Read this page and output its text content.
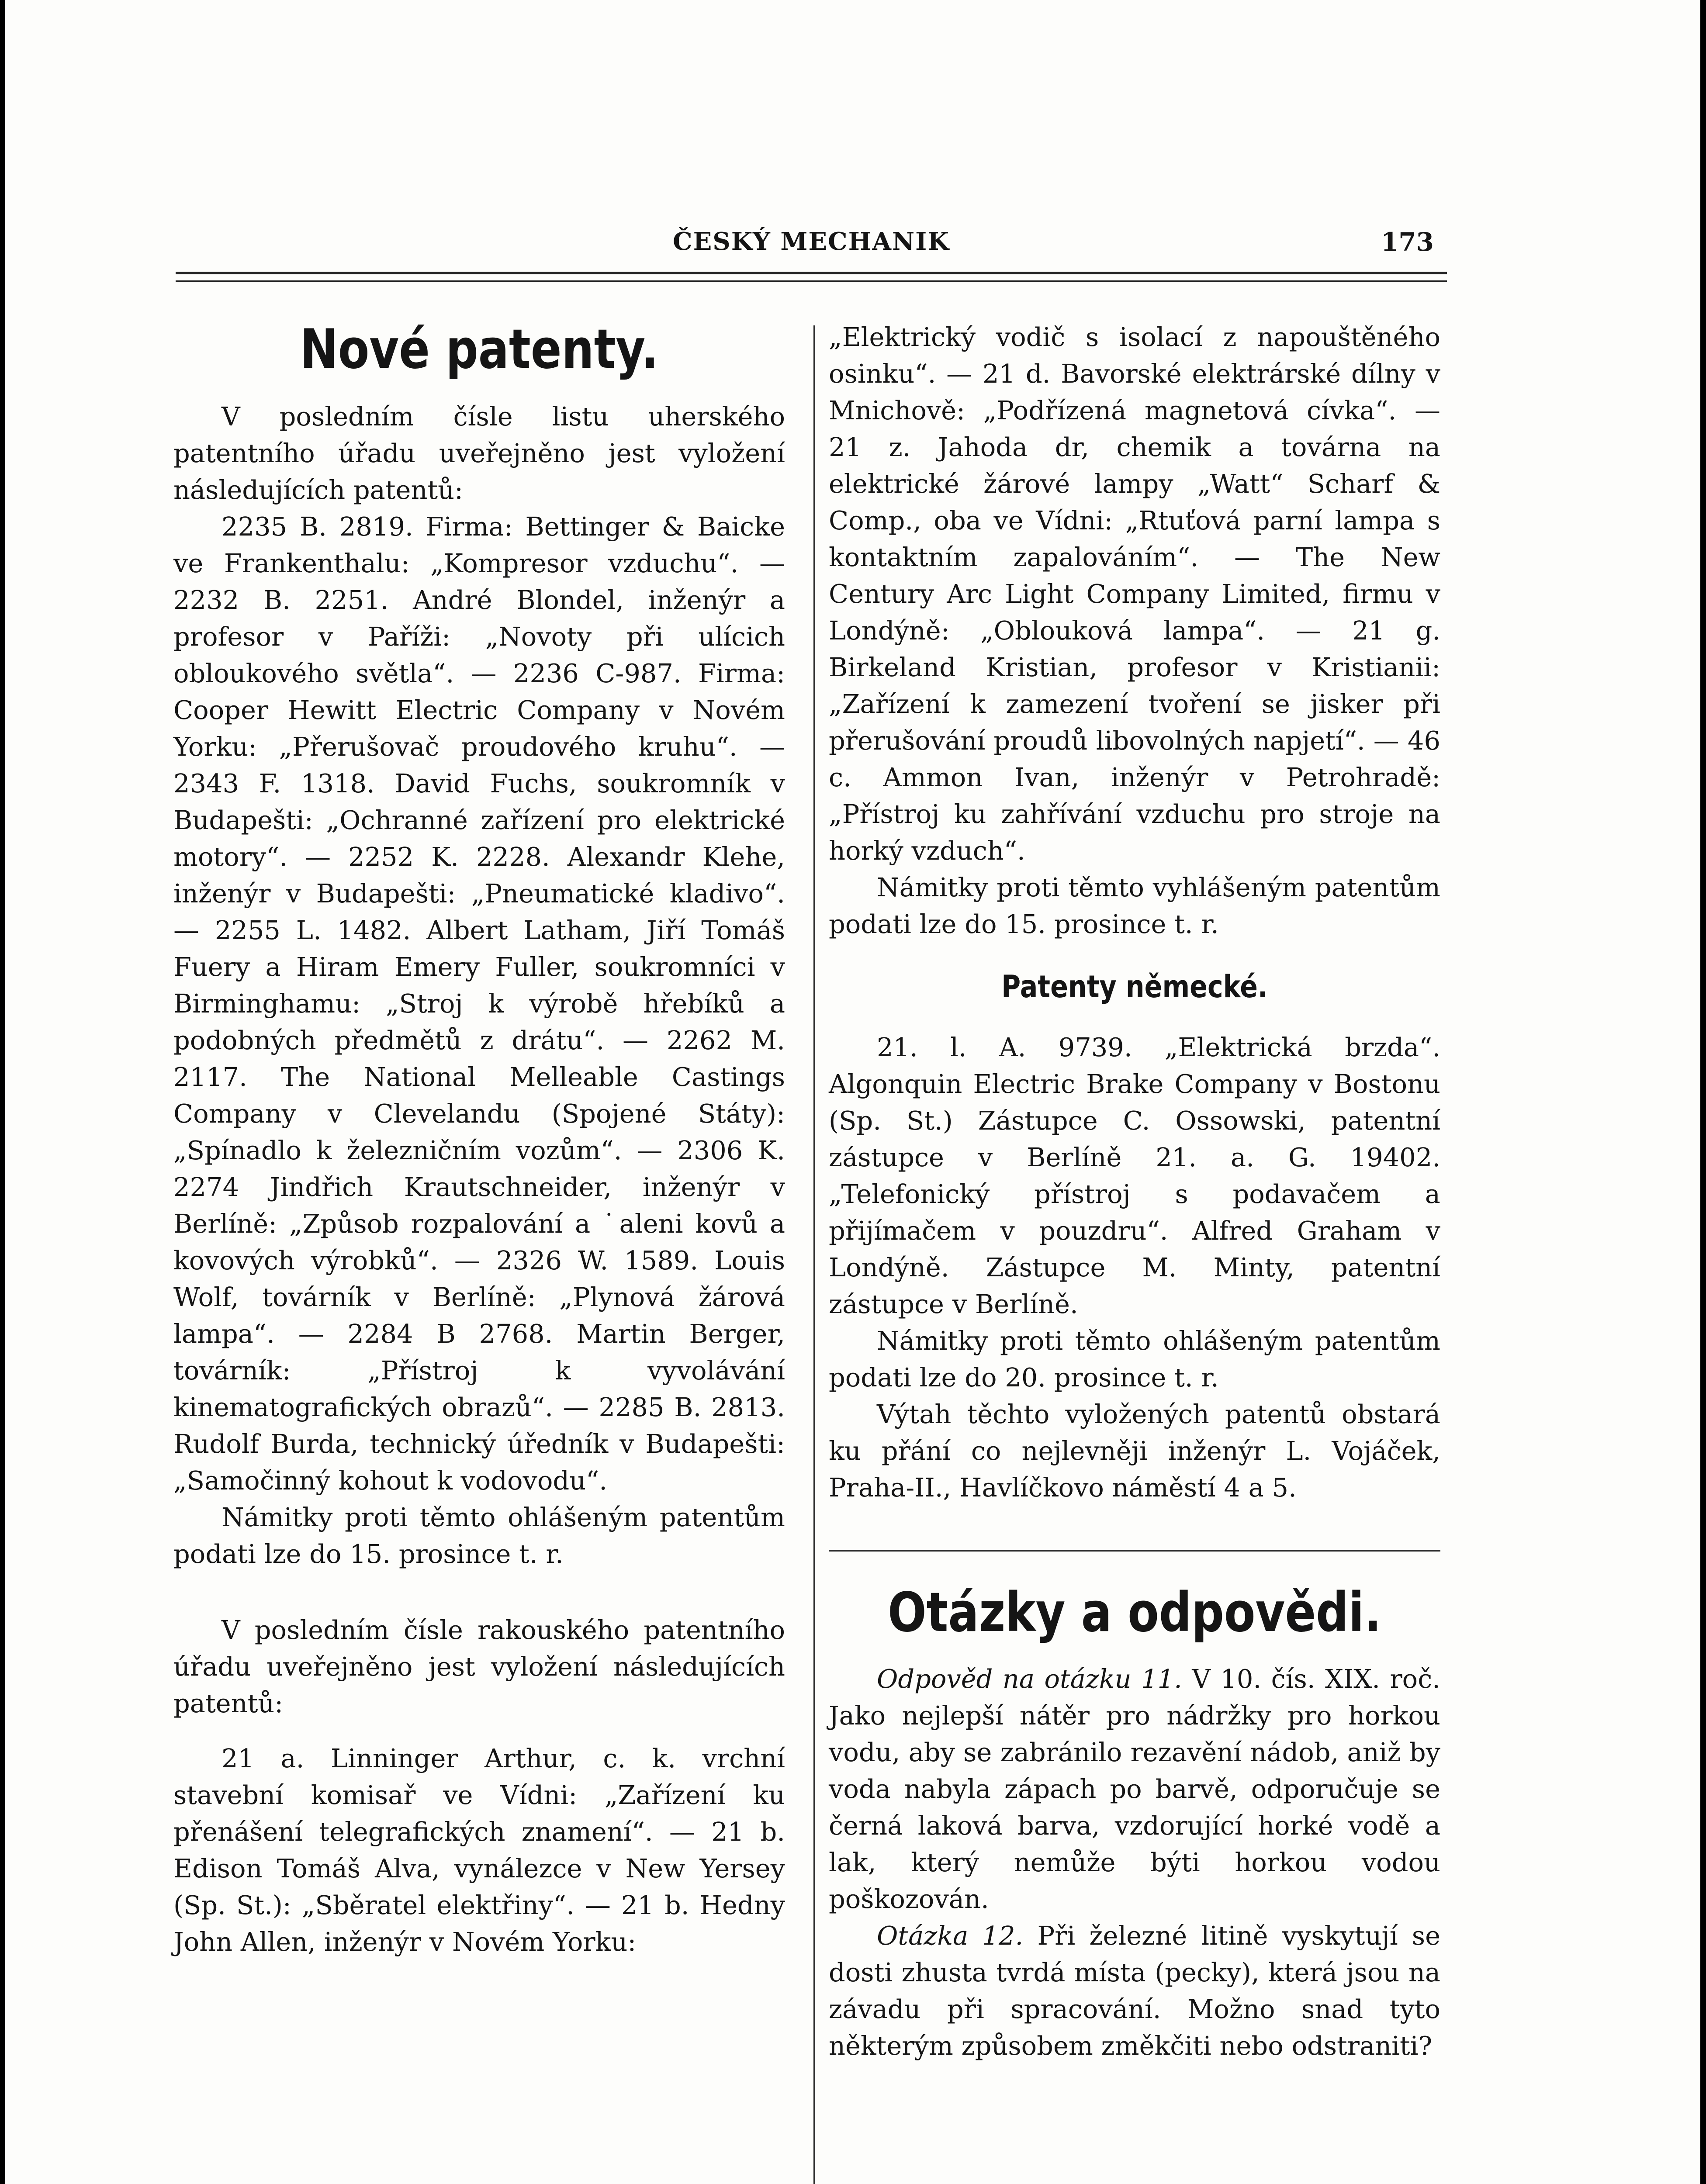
ČESKÝ MECHANIK	173
Nové patenty.

V posledním čísle listu uherského patentního úřadu uveřejněno jest vyložení následujících patentů:

2235 B. 2819. Firma: Bettinger & Baicke ve Frankenthalu: „Kompresor vzduchu“. — 2232 B. 2251. André Blondel, inženýr a profesor v Paříži: „Novoty při ulícich obloukového světla“. — 2236 C-987. Firma: Cooper Hewitt Electric Company v Novém Yorku: „Přerušovač proudového kruhu“. — 2343 F. 1318. David Fuchs, soukromník v Budapešti: „Ochranné zařízení pro elektrické motory“. — 2252 K. 2228. Alexandr Klehe, inženýr v Budapešti: „Pneumatické kladivo“. — 2255 L. 1482. Albert Latham, Jiří Tomáš Fuery a Hiram Emery Fuller, soukromníci v Birminghamu: „Stroj k výrobě hřebíků a podobných předmětů z drátu“. — 2262 M. 2117. The National Melleable Castings Company v Clevelandu (Spojené Státy): „Spínadlo k železničním vozům“. — 2306 K. 2274 Jindřich Krautschneider, inženýr v Berlíně: „Způsob rozpalování a ˙aleni kovů a kovových výrobků“. — 2326 W. 1589. Louis Wolf, továrník v Berlíně: „Plynová žárová lampa“. — 2284 B 2768. Martin Berger, továrník: „Přístroj k vyvolávání kinematografických obrazů“. — 2285 B. 2813. Rudolf Burda, technický úředník v Budapešti: „Samočinný kohout k vodovodu“.

Námitky proti těmto ohlášeným patentům podati lze do 15. prosince t. r.

V posledním čísle rakouského patentního úřadu uveřejněno jest vyložení následujících patentů:

21 a. Linninger Arthur, c. k. vrchní stavební komisař ve Vídni: „Zařízení ku přenášení telegrafických znamení“. — 21 b. Edison Tomáš Alva, vynálezce v New Yersey (Sp. St.): „Sběratel elektřiny“. — 21 b. Hedny John Allen, inženýr v Novém Yorku:

„Elektrický vodič s isolací z napouštěného osinku“. — 21 d. Bavorské elektrárské dílny v Mnichově: „Podřízená magnetová cívka“. — 21 z. Jahoda dr, chemik a továrna na elektrické žárové lampy „Watt“ Scharf & Comp., oba ve Vídni: „Rtuťová parní lampa s kontaktním zapalováním“. — The New Century Arc Light Company Limited, firmu v Londýně: „Oblouková lampa“. — 21 g. Birkeland Kristian, profesor v Kristianii: „Zařízení k zamezení tvoření se jisker při přerušování proudů libovolných napjetí“. — 46 c. Ammon Ivan, inženýr v Petrohradě: „Přístroj ku zahřívání vzduchu pro stroje na horký vzduch“.

Námitky proti těmto vyhlášeným patentům podati lze do 15. prosince t. r.

Patenty německé.

21. l. A. 9739. „Elektrická brzda“. Algonquin Electric Brake Company v Bostonu (Sp. St.) Zástupce C. Ossowski, patentní zástupce v Berlíně 21. a. G. 19402. „Telefonický přístroj s podavačem a přijímačem v pouzdru“. Alfred Graham v Londýně. Zástupce M. Minty, patentní zástupce v Berlíně.

Námitky proti těmto ohlášeným patentům podati lze do 20. prosince t. r.

Výtah těchto vyložených patentů obstará ku přání co nejlevněji inženýr L. Vojáček, Praha-II., Havlíčkovo náměstí 4 a 5.

Otázky a odpovědi.

Odpověd na otázku 11. V 10. čís. XIX. roč. Jako nejlepší nátěr pro nádržky pro horkou vodu, aby se zabránilo rezavění nádob, aniž by voda nabyla zápach po barvě, odporučuje se černá laková barva, vzdorující horké vodě a lak, který nemůže býti horkou vodou poškozován.

Otázka 12. Při železné litině vyskytují se dosti zhusta tvrdá místa (pecky), která jsou na závadu při spracování. Možno snad tyto některým způsobem změkčiti nebo odstraniti?
